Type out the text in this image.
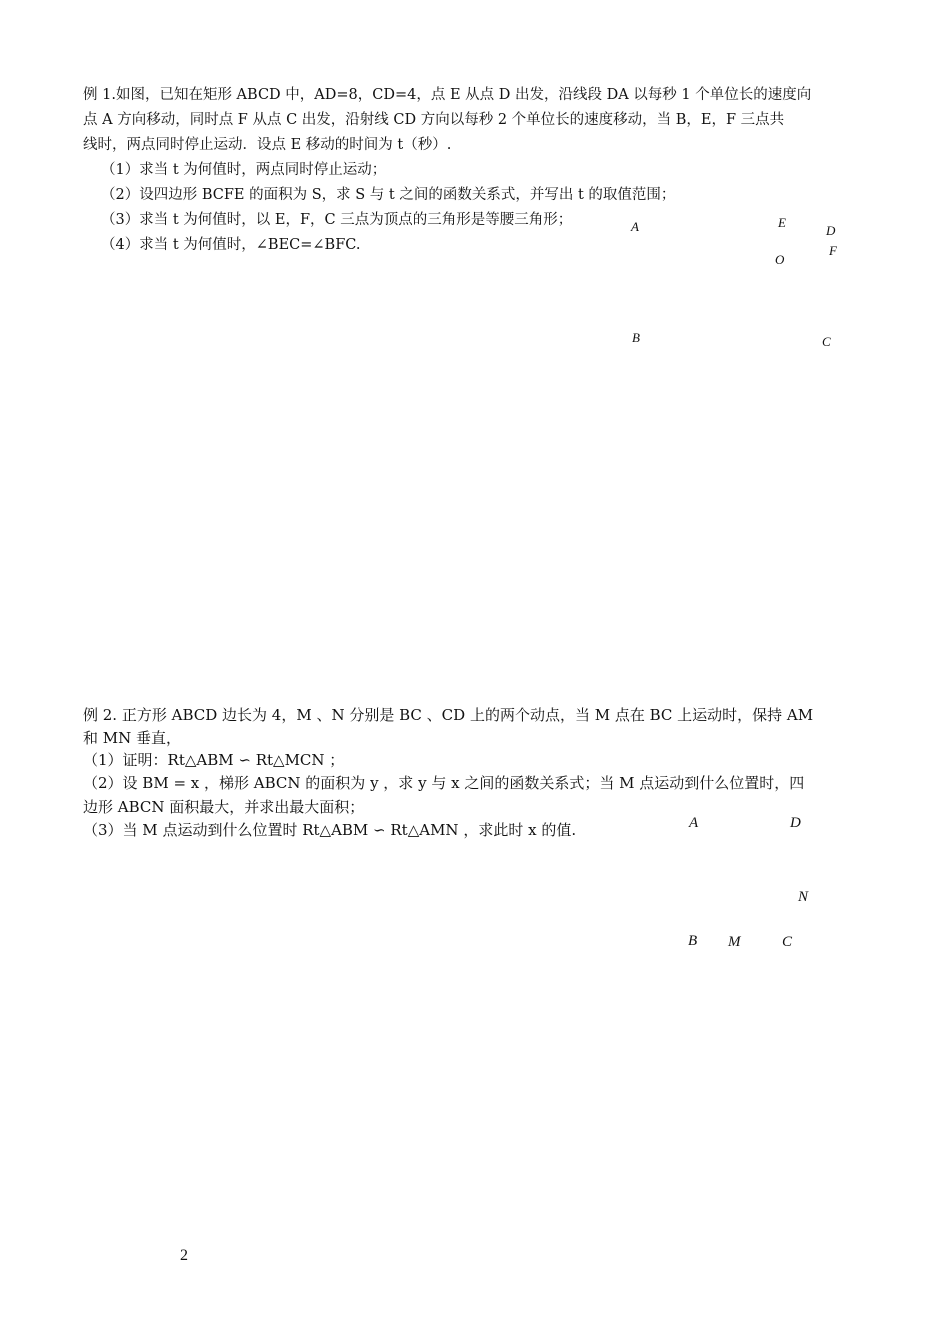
例 1.如图，已知在矩形 ABCD 中，AD=8，CD=4，点 E 从点 D 出发，沿线段 DA 以每秒 1 个单位长的速度向
点 A 方向移动，同时点 F 从点 C 出发，沿射线 CD 方向以每秒 2 个单位长的速度移动，当 B，E，F 三点共
线时，两点同时停止运动．设点 E 移动的时间为 t（秒）.
（1）求当 t 为何值时，两点同时停止运动；
（2）设四边形 BCFE 的面积为 S，求 S 与 t 之间的函数关系式，并写出 t 的取值范围；
（3）求当 t 为何值时，以 E，F，C 三点为顶点的三角形是等腰三角形；
（4）求当 t 为何值时，∠BEC=∠BFC.
A	E
D
F
O
B	C
例 2. 正方形 ABCD 边长为 4，M 、N 分别是 BC 、CD 上的两个动点，当 M 点在 BC 上运动时，保持 AM
和 MN 垂直，
（1）证明：Rt△ABM ∽ Rt△MCN ；
（2）设 BM = x ，梯形 ABCN 的面积为 y ，求 y 与 x 之间的函数关系式；当 M 点运动到什么位置时，四
边形 ABCN 面积最大，并求出最大面积；
（3）当 M 点运动到什么位置时 Rt△ABM ∽ Rt△AMN ，求此时 x 的值.	A	D
N
B M	C
2
